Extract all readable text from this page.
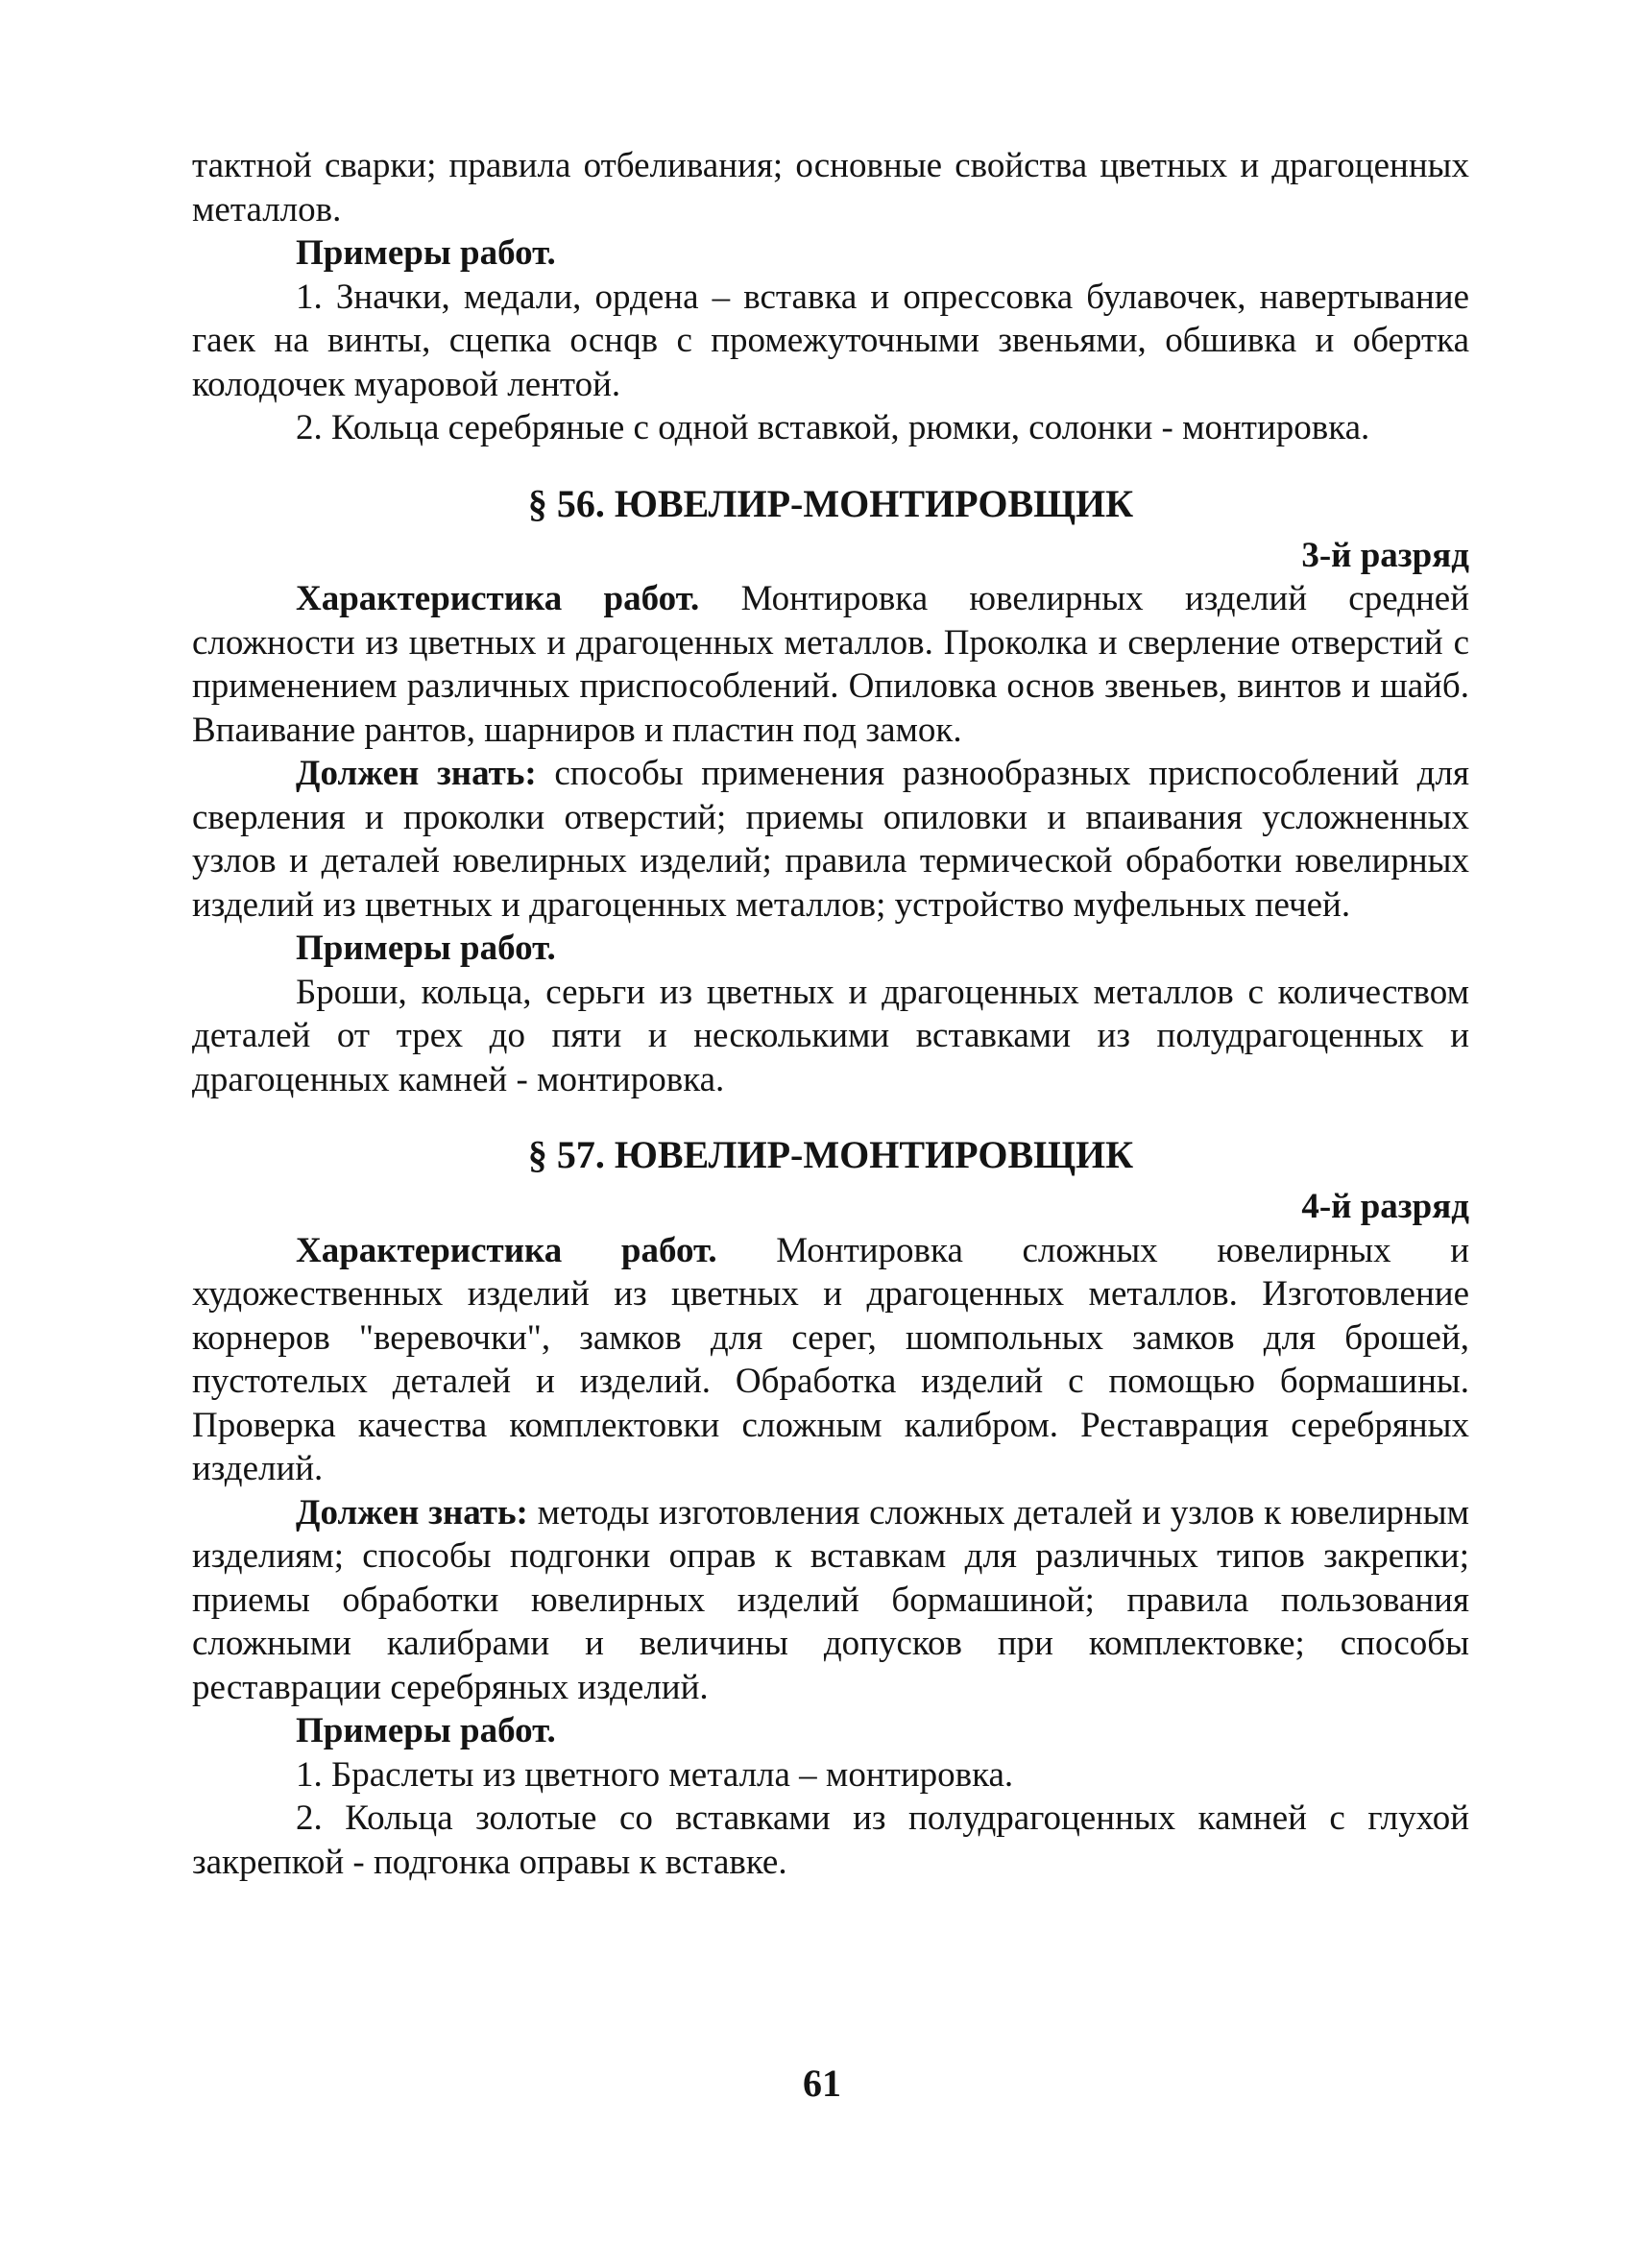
тактной сварки; правила отбеливания; основные свойства цветных и драгоценных металлов.

Примеры работ.

1. Значки, медали, ордена – вставка и опрессовка булавочек, навертывание гаек на винты, сцепка оснqв с промежуточными звеньями, обшивка и обертка колодочек муаровой лентой.

2. Кольца серебряные с одной вставкой, рюмки, солонки - монтировка.

§ 56. ЮВЕЛИР-МОНТИРОВЩИК

3-й разряд

Характеристика работ. Монтировка ювелирных изделий средней сложности из цветных и драгоценных металлов. Проколка и сверление отверстий с применением различных приспособлений. Опиловка основ звеньев, винтов и шайб. Впаивание рантов, шарниров и пластин под замок.

Должен знать: способы применения разнообразных приспособлений для сверления и проколки отверстий; приемы опиловки и впаивания усложненных узлов и деталей ювелирных изделий; правила термической обработки ювелирных изделий из цветных и драгоценных металлов; устройство муфельных печей.

Примеры работ.

Броши, кольца, серьги из цветных и драгоценных металлов с количеством деталей от трех до пяти и несколькими вставками из полудрагоценных и драгоценных камней - монтировка.

§ 57. ЮВЕЛИР-МОНТИРОВЩИК

4-й разряд

Характеристика работ. Монтировка сложных ювелирных и художественных изделий из цветных и драгоценных металлов. Изготовление корнеров "веревочки", замков для серег, шомпольных замков для брошей, пустотелых деталей и изделий. Обработка изделий с помощью бормашины. Проверка качества комплектовки сложным калибром. Реставрация серебряных изделий.

Должен знать: методы изготовления сложных деталей и узлов к ювелирным изделиям; способы подгонки оправ к вставкам для различных типов закрепки; приемы обработки ювелирных изделий бормашиной; правила пользования сложными калибрами и величины допусков при комплектовке; способы реставрации серебряных изделий.

Примеры работ.

1. Браслеты из цветного металла – монтировка.

2. Кольца золотые со вставками из полудрагоценных камней с глухой закрепкой - подгонка оправы к вставке.

61
